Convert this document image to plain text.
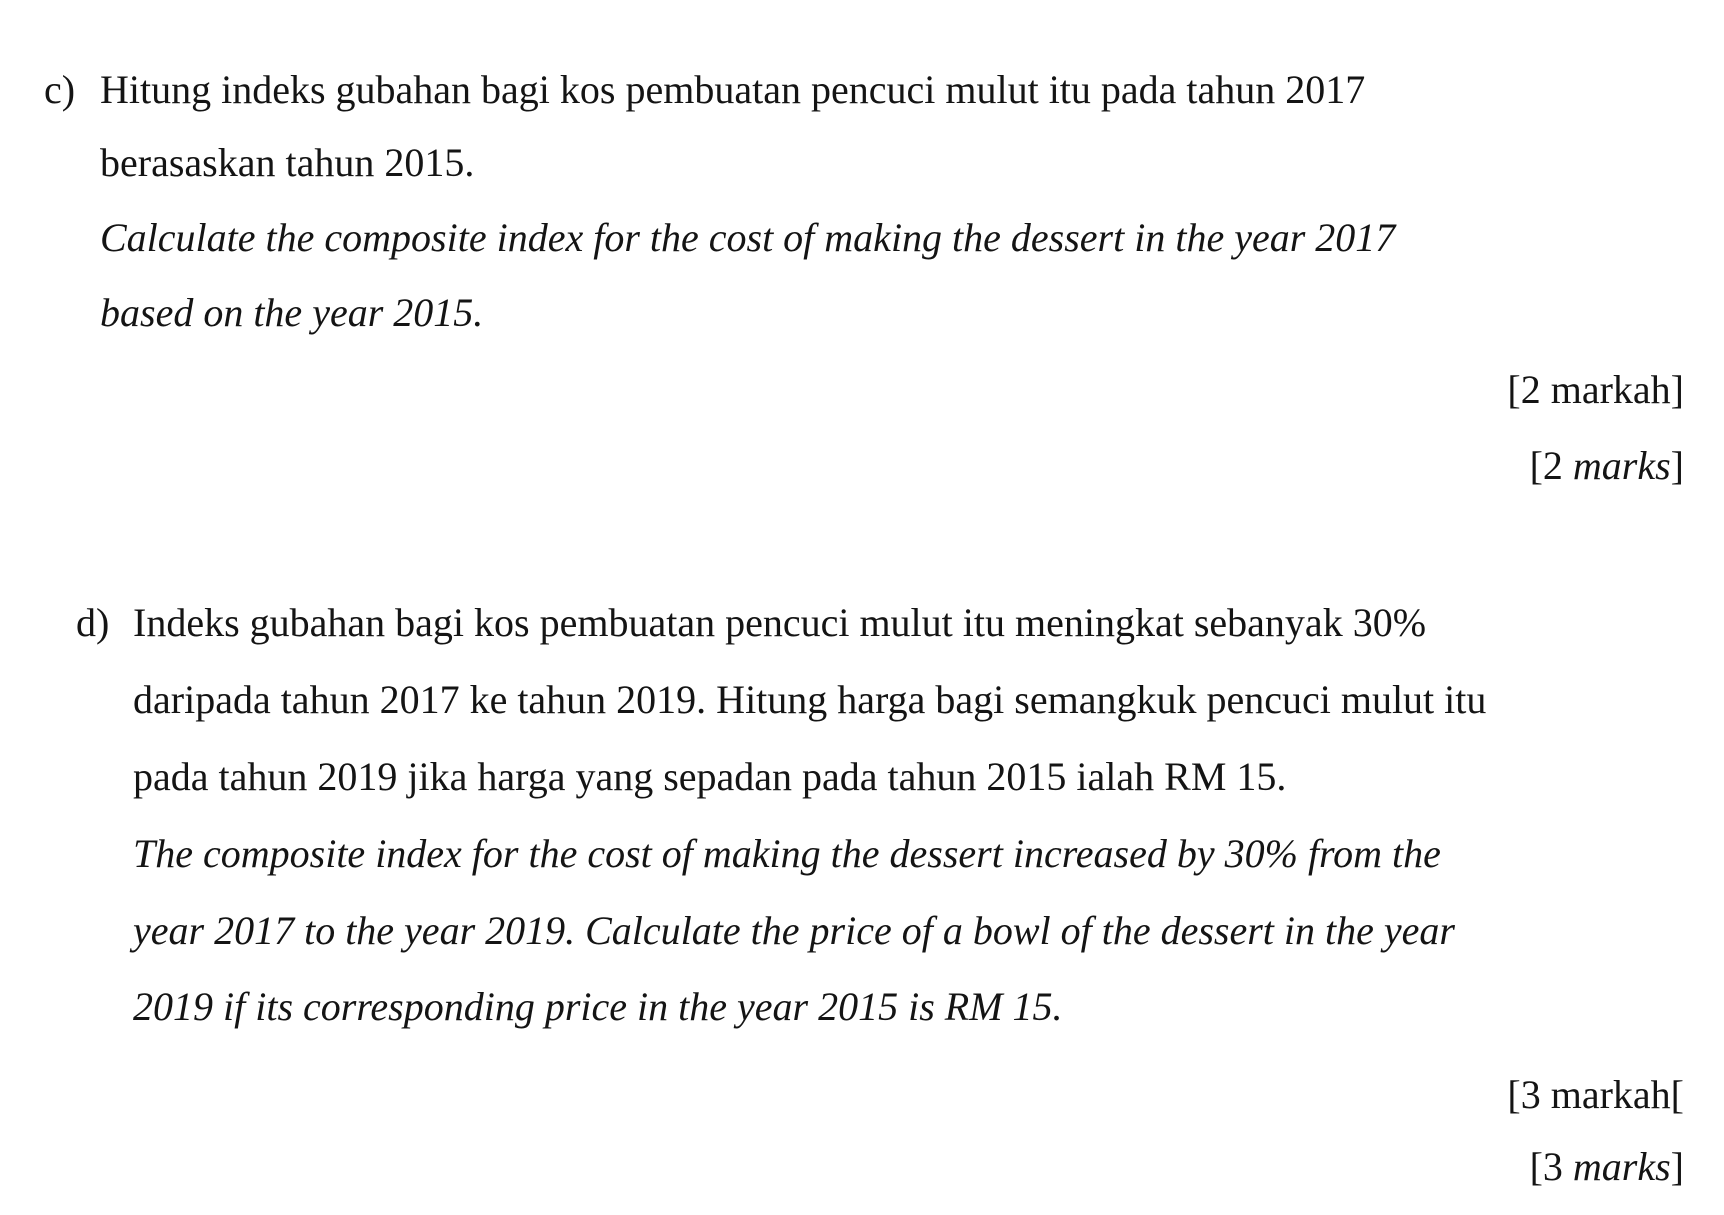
c) Hitung indeks gubahan bagi kos pembuatan pencuci mulut itu pada tahun 2017
berasaskan tahun 2015.
Calculate the composite index for the cost of making the dessert in the year 2017
based on the year 2015.
[2 markah]
[2 marks]
d) Indeks gubahan bagi kos pembuatan pencuci mulut itu meningkat sebanyak 30%
daripada tahun 2017 ke tahun 2019. Hitung harga bagi semangkuk pencuci mulut itu
pada tahun 2019 jika harga yang sepadan pada tahun 2015 ialah RM 15.
The composite index for the cost of making the dessert increased by 30% from the
year 2017 to the year 2019. Calculate the price of a bowl of the dessert in the year
2019 if its corresponding price in the year 2015 is RM 15.
[3 markah[
[3 marks]
